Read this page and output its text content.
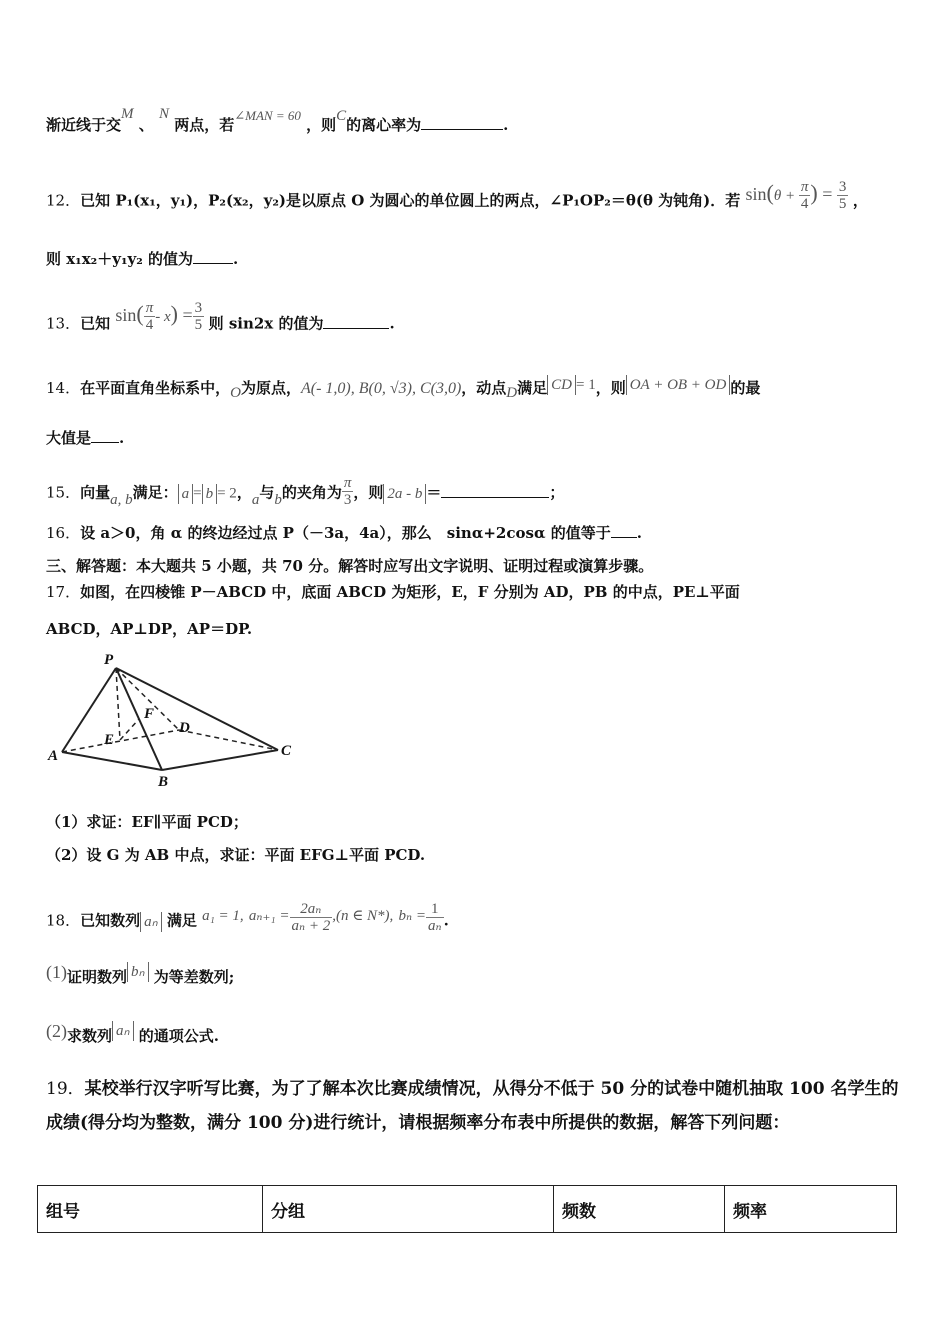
渐近线于交M 、 N 两点，若∠MAN = 60 ，则C的离心率为	.
12．已知 P₁(x₁，y₁)，P₂(x₂，y₂)是以原点 O 为圆心的单位圆上的两点，∠P₁OP₂＝θ(θ 为钝角)．若 $\sin(\theta + \frac{\pi}{4}$ ) = $\frac{3}{5}$ ，
则 x₁x₂＋y₁y₂ 的值为	.
13．已知 $\sin( \frac{\pi}{4} - x) = \frac{3}{5}$ 则 sin2x 的值为	.
14．在平面直角坐标系中，O为原点，A(- 1,0), B(0, √3), C(3,0)，动点D满足 CD = 1，则 OA + OB + OD 的最
大值是 .
15．向量a, b满足： a = b = 2，a与b的夹角为 $\frac{\pi}{3}$ ，则 2a - b ＝	；
16．设 a＞0，角 α 的终边经过点 P（－3a，4a），那么　sinα+2cosα 的值等于 .
三、解答题：本大题共 5 小题，共 70 分。解答时应写出文字说明、证明过程或演算步骤。
17．如图，在四棱锥 P－ABCD 中，底面 ABCD 为矩形，E，F 分别为 AD，PB 的中点，PE⊥平面
ABCD，AP⊥DP，AP＝DP.
P
A
B
C
D
E
F
（1）求证：EF∥平面 PCD；
（2）设 G 为 AB 中点，求证：平面 EFG⊥平面 PCD.
18．已知数列 aₙ 满足 a₁ = 1, $a_{n+1} = \frac{\text{2aₙ}}{\text{aₙ + 2}} ,(n$ ∈ N*), $b_n = \frac{1}{\text{aₙ}}$ .
(1)证明数列 bₙ 为等差数列;
(2)求数列 aₙ 的通项公式.
19．某校举行汉字听写比赛，为了了解本次比赛成绩情况，从得分不低于 50 分的试卷中随机抽取 100 名学生的成绩(得分均为整数，满分 100 分)进行统计，请根据频率分布表中所提供的数据，解答下列问题：
组号	分组	频数	频率
